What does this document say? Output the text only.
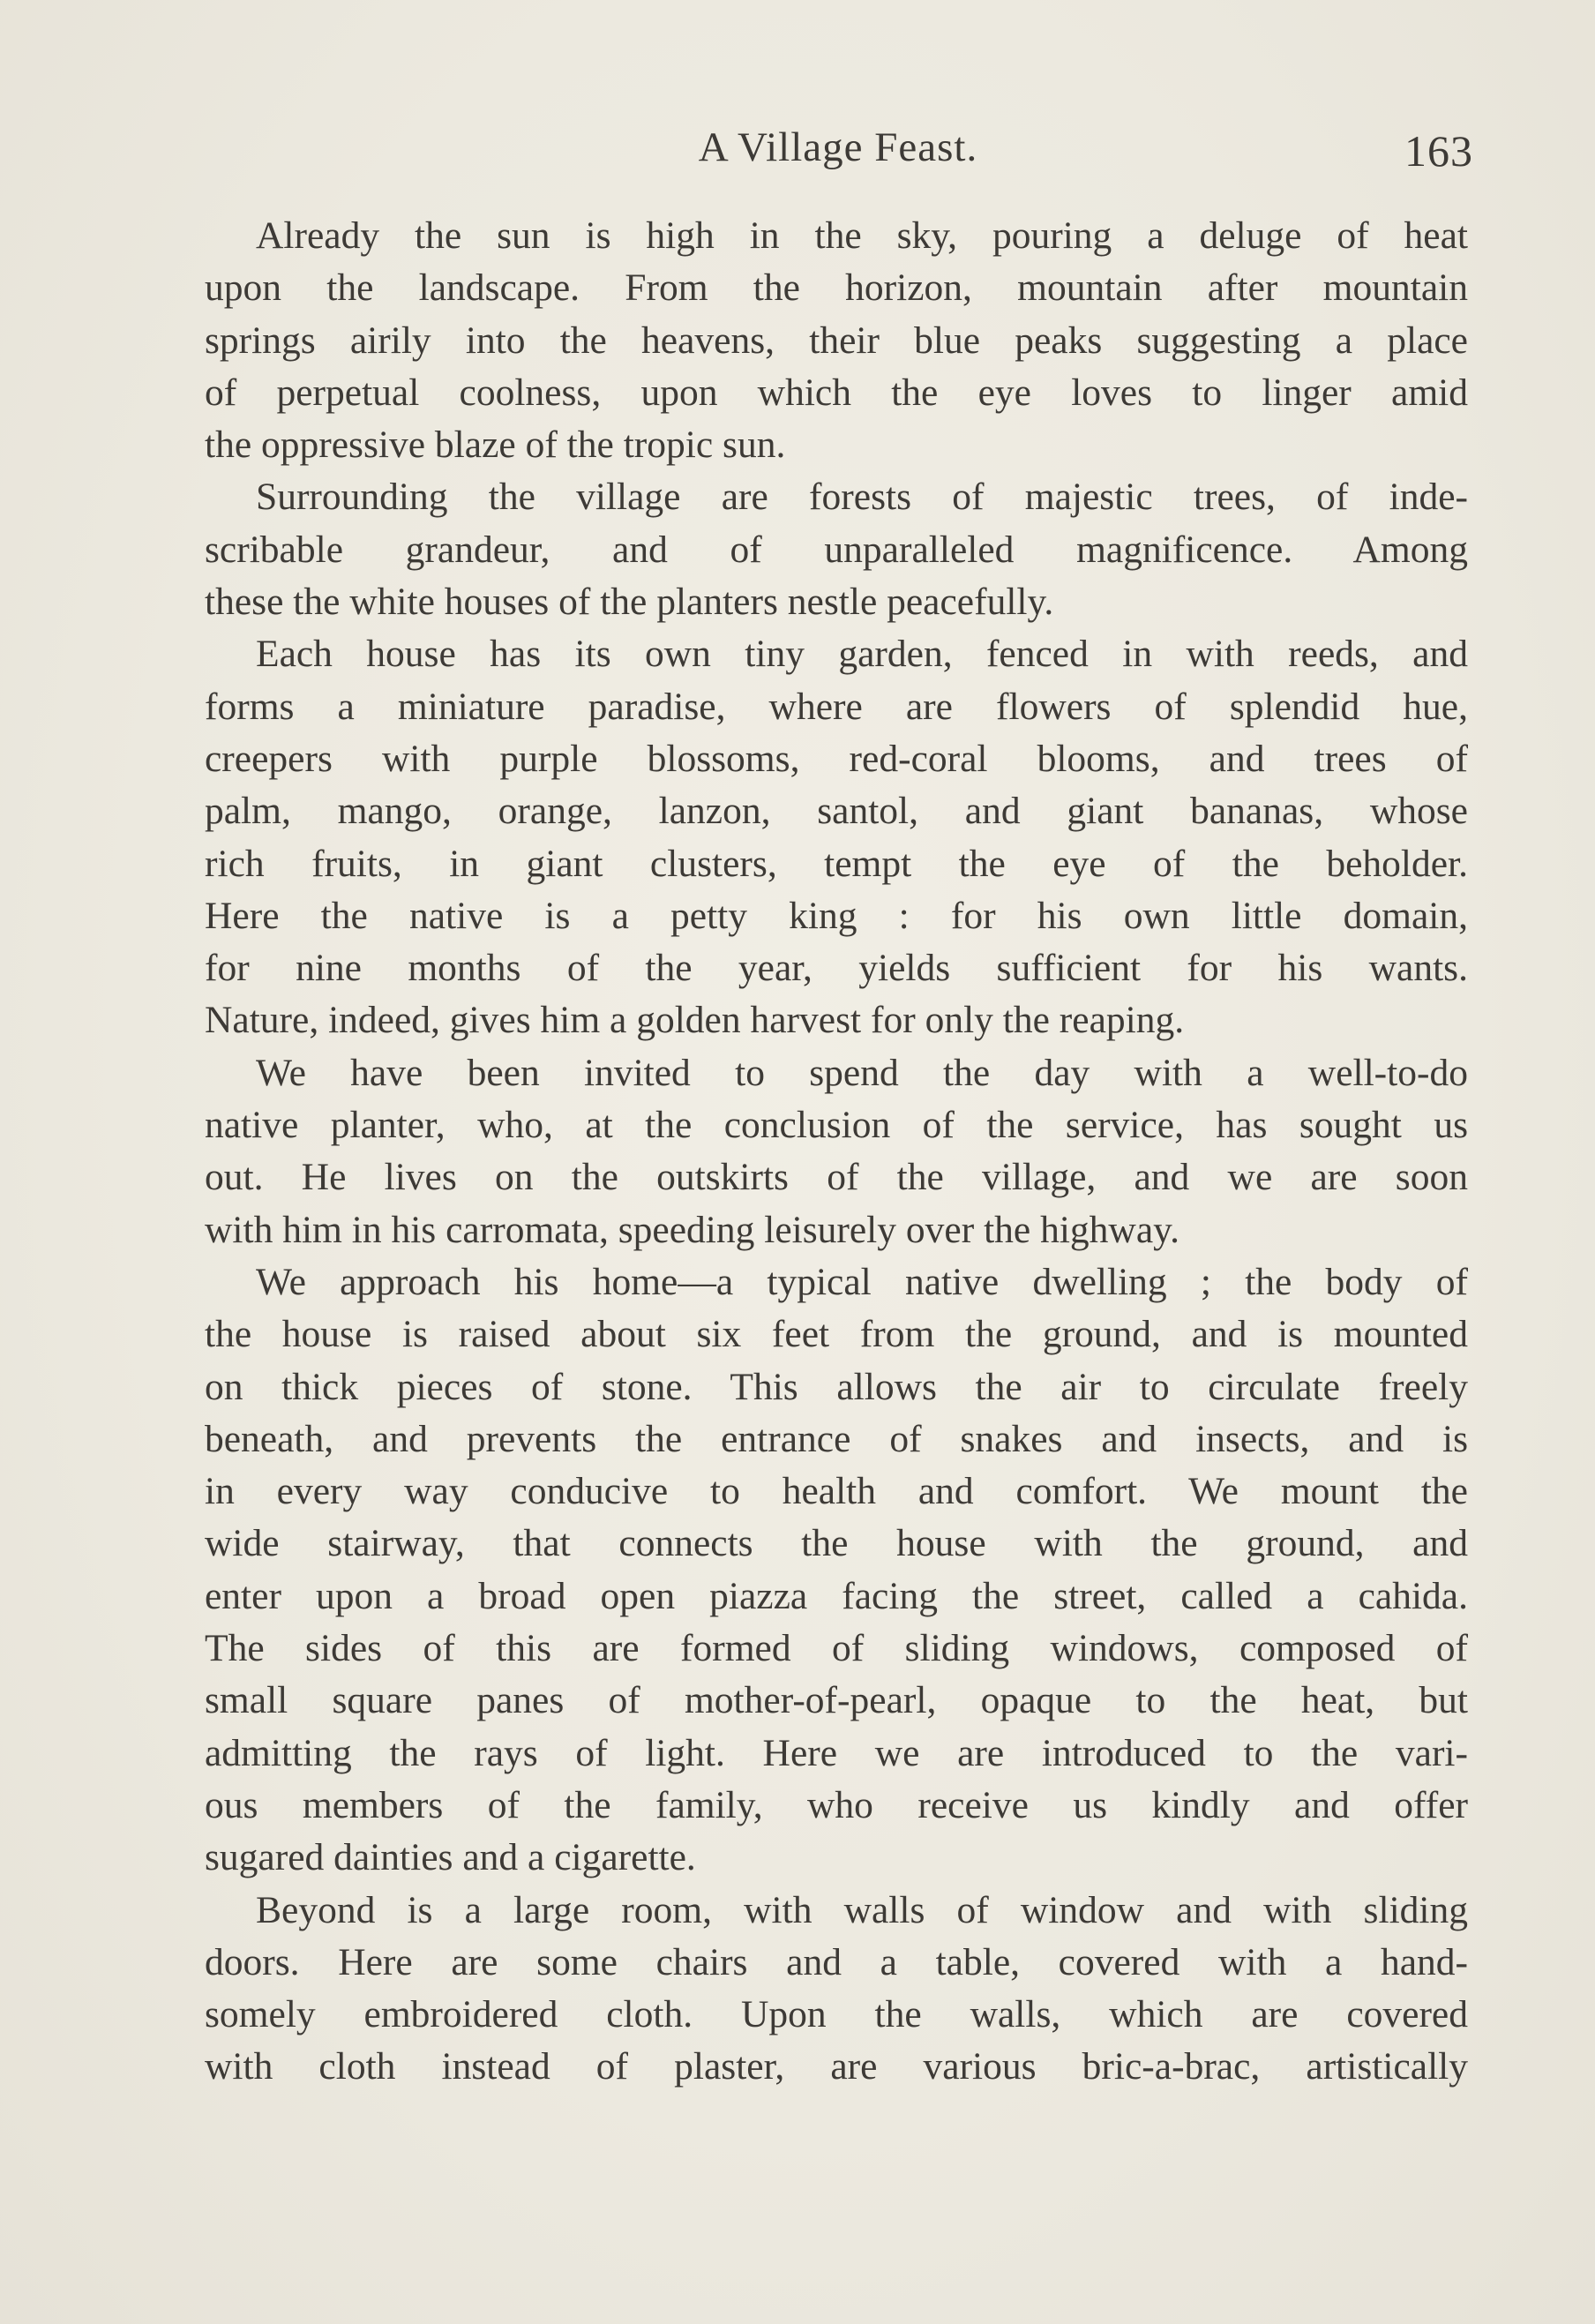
A Village Feast.	163
Already the sun is high in the sky, pouring a deluge of heat
upon the landscape. From the horizon, mountain after mountain
springs airily into the heavens, their blue peaks suggesting a place
of perpetual coolness, upon which the eye loves to linger amid
the oppressive blaze of the tropic sun.
Surrounding the village are forests of majestic trees, of inde-
scribable grandeur, and of unparalleled magnificence. Among
these the white houses of the planters nestle peacefully.
Each house has its own tiny garden, fenced in with reeds, and
forms a miniature paradise, where are flowers of splendid hue,
creepers with purple blossoms, red-coral blooms, and trees of
palm, mango, orange, lanzon, santol, and giant bananas, whose
rich fruits, in giant clusters, tempt the eye of the beholder.
Here the native is a petty king : for his own little domain,
for nine months of the year, yields sufficient for his wants.
Nature, indeed, gives him a golden harvest for only the reaping.
We have been invited to spend the day with a well-to-do
native planter, who, at the conclusion of the service, has sought us
out. He lives on the outskirts of the village, and we are soon
with him in his carromata, speeding leisurely over the highway.
We approach his home—a typical native dwelling ; the body of
the house is raised about six feet from the ground, and is mounted
on thick pieces of stone. This allows the air to circulate freely
beneath, and prevents the entrance of snakes and insects, and is
in every way conducive to health and comfort. We mount the
wide stairway, that connects the house with the ground, and
enter upon a broad open piazza facing the street, called a cahida.
The sides of this are formed of sliding windows, composed of
small square panes of mother-of-pearl, opaque to the heat, but
admitting the rays of light. Here we are introduced to the vari-
ous members of the family, who receive us kindly and offer
sugared dainties and a cigarette.
Beyond is a large room, with walls of window and with sliding
doors. Here are some chairs and a table, covered with a hand-
somely embroidered cloth. Upon the walls, which are covered
with cloth instead of plaster, are various bric-a-brac, artistically
